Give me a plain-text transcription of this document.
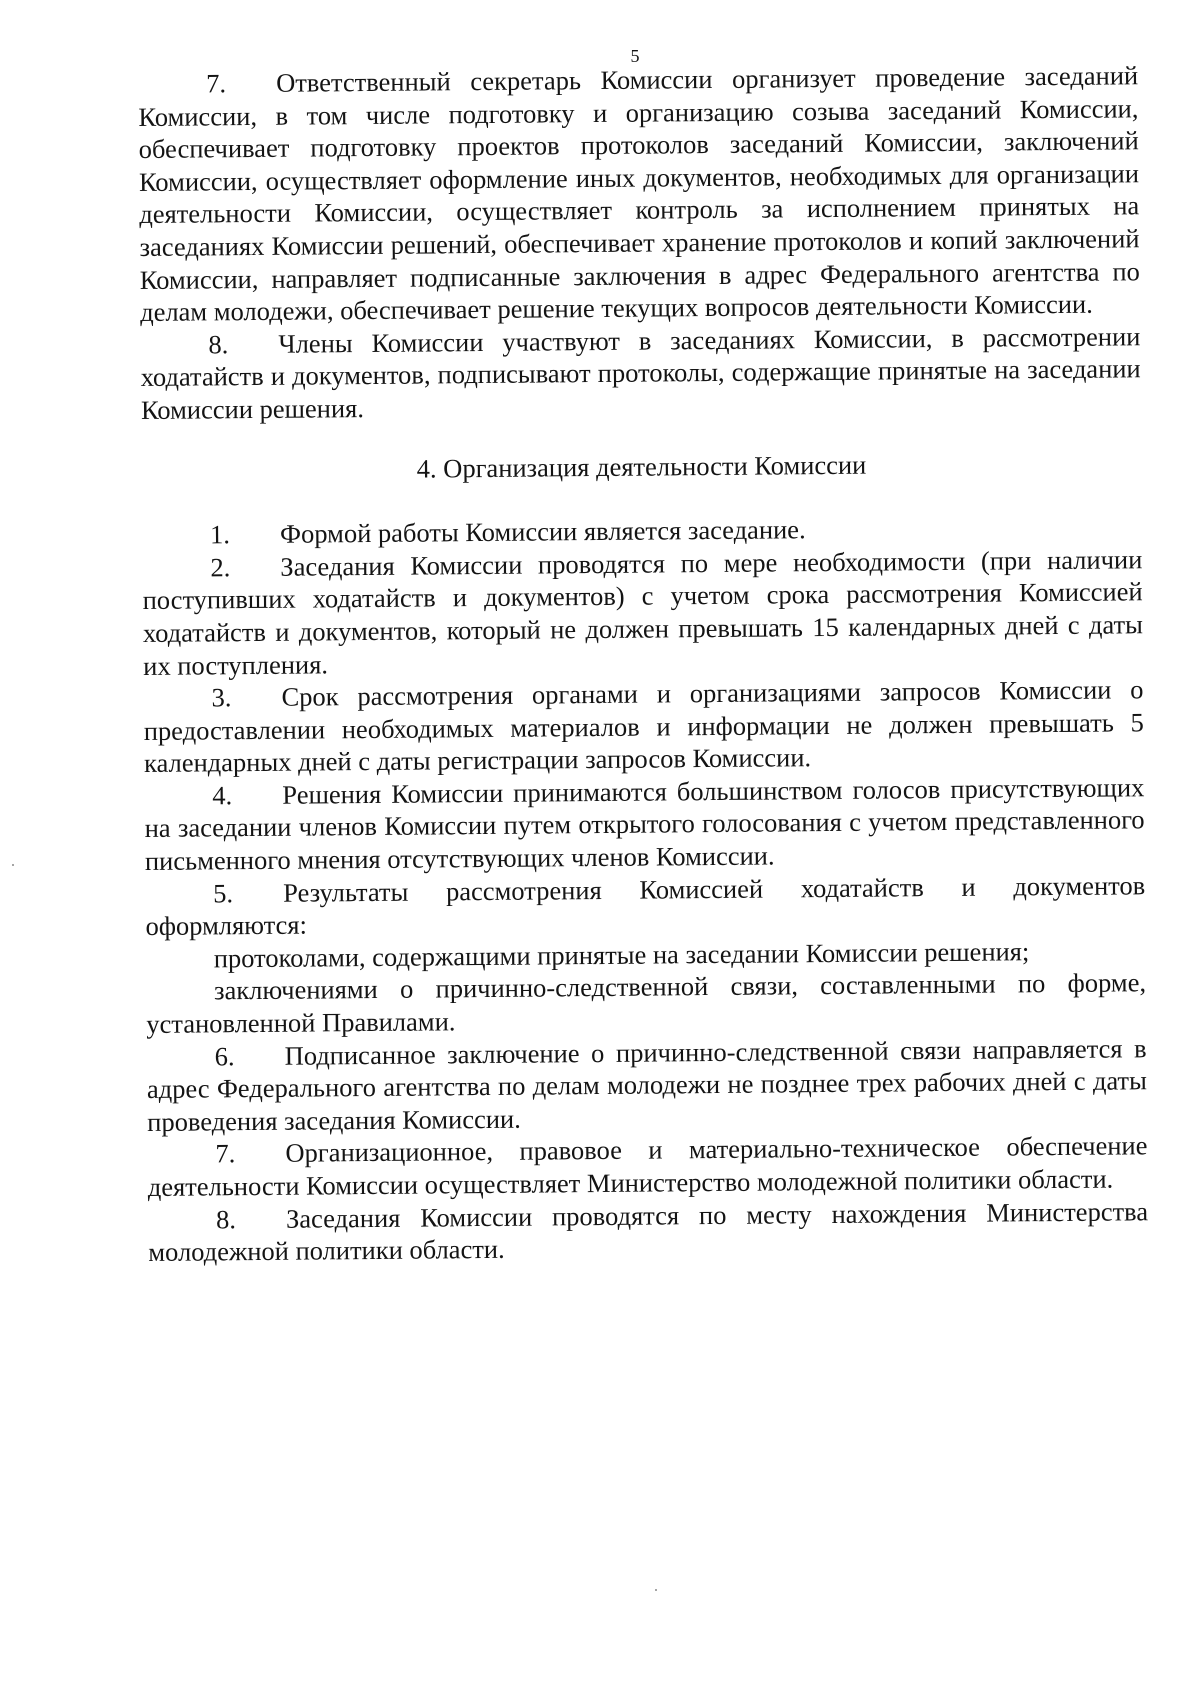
5

7. Ответственный секретарь Комиссии организует проведение заседаний Комиссии, в том числе подготовку и организацию созыва заседаний Комиссии, обеспечивает подготовку проектов протоколов заседаний Комиссии, заключений Комиссии, осуществляет оформление иных документов, необходимых для организации деятельности Комиссии, осуществляет контроль за исполнением принятых на заседаниях Комиссии решений, обеспечивает хранение протоколов и копий заключений Комиссии, направляет подписанные заключения в адрес Федерального агентства по делам молодежи, обеспечивает решение текущих вопросов деятельности Комиссии.

8. Члены Комиссии участвуют в заседаниях Комиссии, в рассмотрении ходатайств и документов, подписывают протоколы, содержащие принятые на заседании Комиссии решения.

4. Организация деятельности Комиссии

1. Формой работы Комиссии является заседание.

2. Заседания Комиссии проводятся по мере необходимости (при наличии поступивших ходатайств и документов) с учетом срока рассмотрения Комиссией ходатайств и документов, который не должен превышать 15 календарных дней с даты их поступления.

3. Срок рассмотрения органами и организациями запросов Комиссии о предоставлении необходимых материалов и информации не должен превышать 5 календарных дней с даты регистрации запросов Комиссии.

4. Решения Комиссии принимаются большинством голосов присутствующих на заседании членов Комиссии путем открытого голосования с учетом представленного письменного мнения отсутствующих членов Комиссии.

5. Результаты рассмотрения Комиссией ходатайств и документов оформляются:

протоколами, содержащими принятые на заседании Комиссии решения;

заключениями о причинно-следственной связи, составленными по форме, установленной Правилами.

6. Подписанное заключение о причинно-следственной связи направляется в адрес Федерального агентства по делам молодежи не позднее трех рабочих дней с даты проведения заседания Комиссии.

7. Организационное, правовое и материально-техническое обеспечение деятельности Комиссии осуществляет Министерство молодежной политики области.

8. Заседания Комиссии проводятся по месту нахождения Министерства молодежной политики области.
